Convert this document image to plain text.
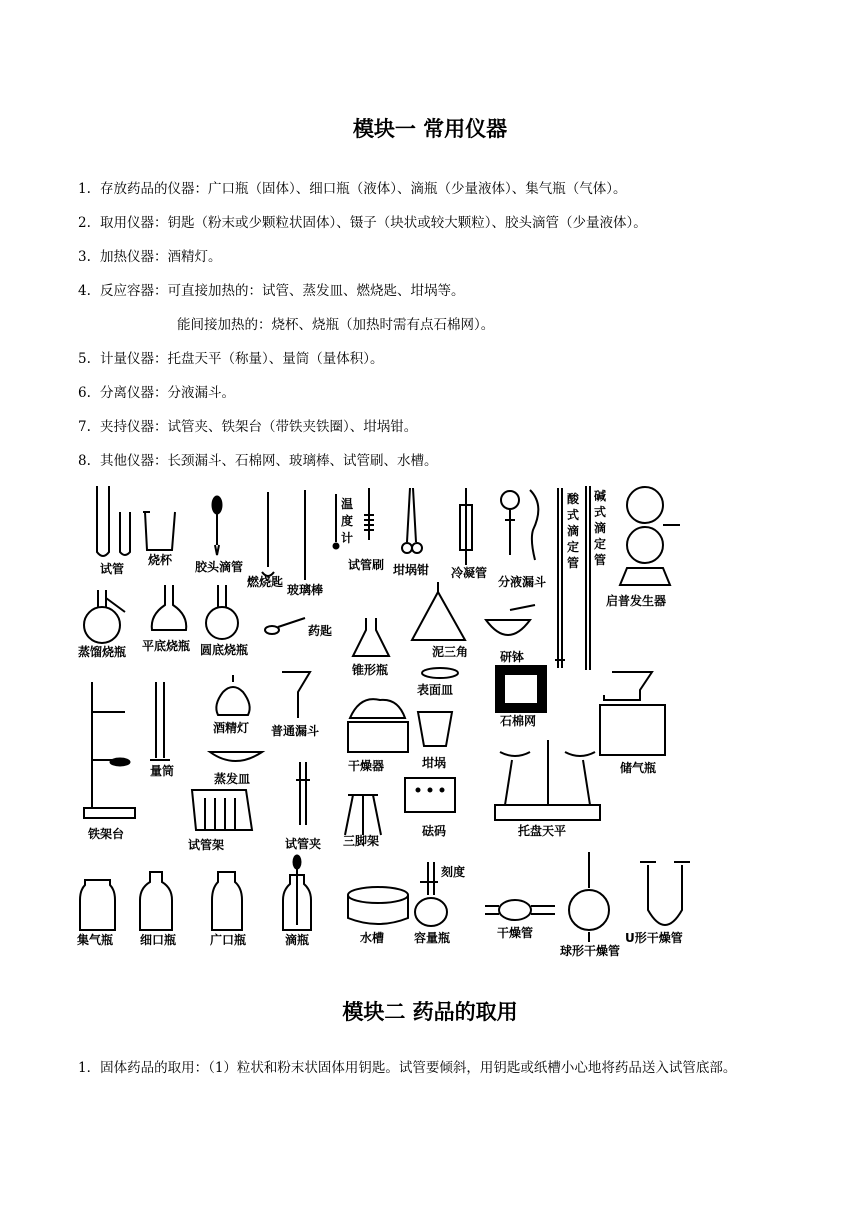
模块一 常用仪器
1. 存放药品的仪器：广口瓶（固体）、细口瓶（液体）、滴瓶（少量液体）、集气瓶（气体）。
2. 取用仪器：钥匙（粉末或少颗粒状固体）、镊子（块状或较大颗粒）、胶头滴管（少量液体）。
3. 加热仪器：酒精灯。
4. 反应容器：可直接加热的：试管、蒸发皿、燃烧匙、坩埚等。
能间接加热的：烧杯、烧瓶（加热时需有点石棉网）。
5. 计量仪器：托盘天平（称量）、量筒（量体积）。
6. 分离仪器：分液漏斗。
7. 夹持仪器：试管夹、铁架台（带铁夹铁圈）、坩埚钳。
8. 其他仪器：长颈漏斗、石棉网、玻璃棒、试管刷、水槽。
试管
烧杯 胶头滴管
燃烧匙
玻璃棒
温
度
计
试管刷 坩埚钳 冷凝管
分液漏斗
酸
式
滴
定
管
碱
式
滴
定
管
启普发生器
蒸馏烧瓶 平底烧瓶 圆底烧瓶
药匙
锥形瓶
泥三角	研钵
表面皿
石棉网
铁架台
量筒
酒精灯 普通漏斗
干燥器	坩埚	储气瓶
蒸发皿
试管架	试管夹 三脚架
砝码	托盘天平
集气瓶 细口瓶	广口瓶	滴瓶	水槽
刻度
容量瓶	干燥管
球形干燥管
U形干燥管
模块二 药品的取用
1．固体药品的取用：（1）粒状和粉末状固体用钥匙。试管要倾斜，用钥匙或纸槽小心地将药品送入试管底部。
